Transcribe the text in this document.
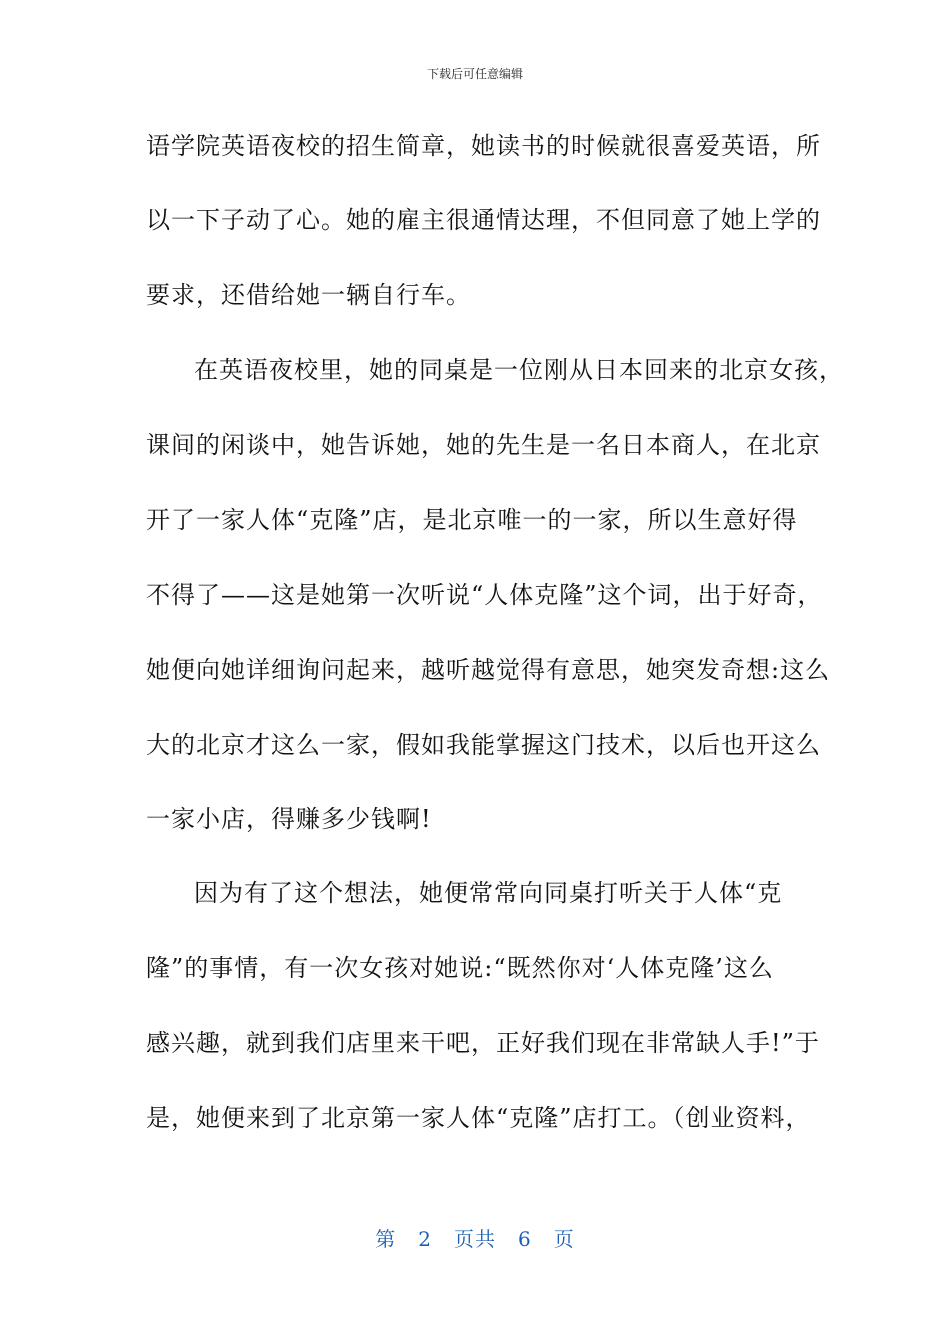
下载后可任意编辑
语学院英语夜校的招生简章，她读书的时候就很喜爱英语，所
以一下子动了心。她的雇主很通情达理，不但同意了她上学的
要求，还借给她一辆自行车。
在英语夜校里，她的同桌是一位刚从日本回来的北京女孩，
课间的闲谈中，她告诉她，她的先生是一名日本商人，在北京
开了一家人体“克隆”店，是北京唯一的一家，所以生意好得
不得了——这是她第一次听说“人体克隆”这个词，出于好奇，
她便向她详细询问起来，越听越觉得有意思，她突发奇想:这么
大的北京才这么一家，假如我能掌握这门技术，以后也开这么
一家小店，得赚多少钱啊!
因为有了这个想法，她便常常向同桌打听关于人体“克
隆”的事情，有一次女孩对她说:“既然你对‘人体克隆’这么
感兴趣，就到我们店里来干吧，正好我们现在非常缺人手!”于
是，她便来到了北京第一家人体“克隆”店打工。（创业资料，
第 2 页共 6 页
